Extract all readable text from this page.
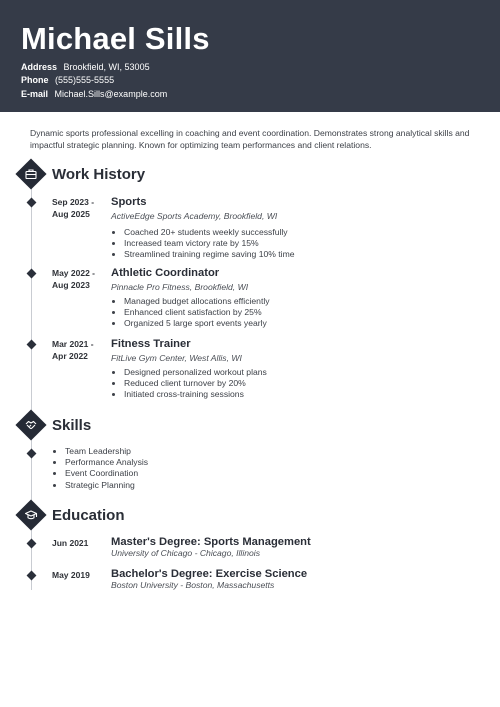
Michael Sills
Address Brookfield, WI, 53005
Phone (555)555-5555
E-mail Michael.Sills@example.com
Dynamic sports professional excelling in coaching and event coordination. Demonstrates strong analytical skills and impactful strategic planning. Known for optimizing team performances and client relations.
Work History
Sep 2023 -
Aug 2025
Sports
ActiveEdge Sports Academy, Brookfield, WI
• Coached 20+ students weekly successfully
• Increased team victory rate by 15%
• Streamlined training regime saving 10% time
May 2022 -
Aug 2023
Athletic Coordinator
Pinnacle Pro Fitness, Brookfield, WI
• Managed budget allocations efficiently
• Enhanced client satisfaction by 25%
• Organized 5 large sport events yearly
Mar 2021 -
Apr 2022
Fitness Trainer
FitLive Gym Center, West Allis, WI
• Designed personalized workout plans
• Reduced client turnover by 20%
• Initiated cross-training sessions
Skills
• Team Leadership
• Performance Analysis
• Event Coordination
• Strategic Planning
Education
Jun 2021 Master's Degree: Sports Management
University of Chicago - Chicago, Illinois
May 2019 Bachelor's Degree: Exercise Science
Boston University - Boston, Massachusetts
